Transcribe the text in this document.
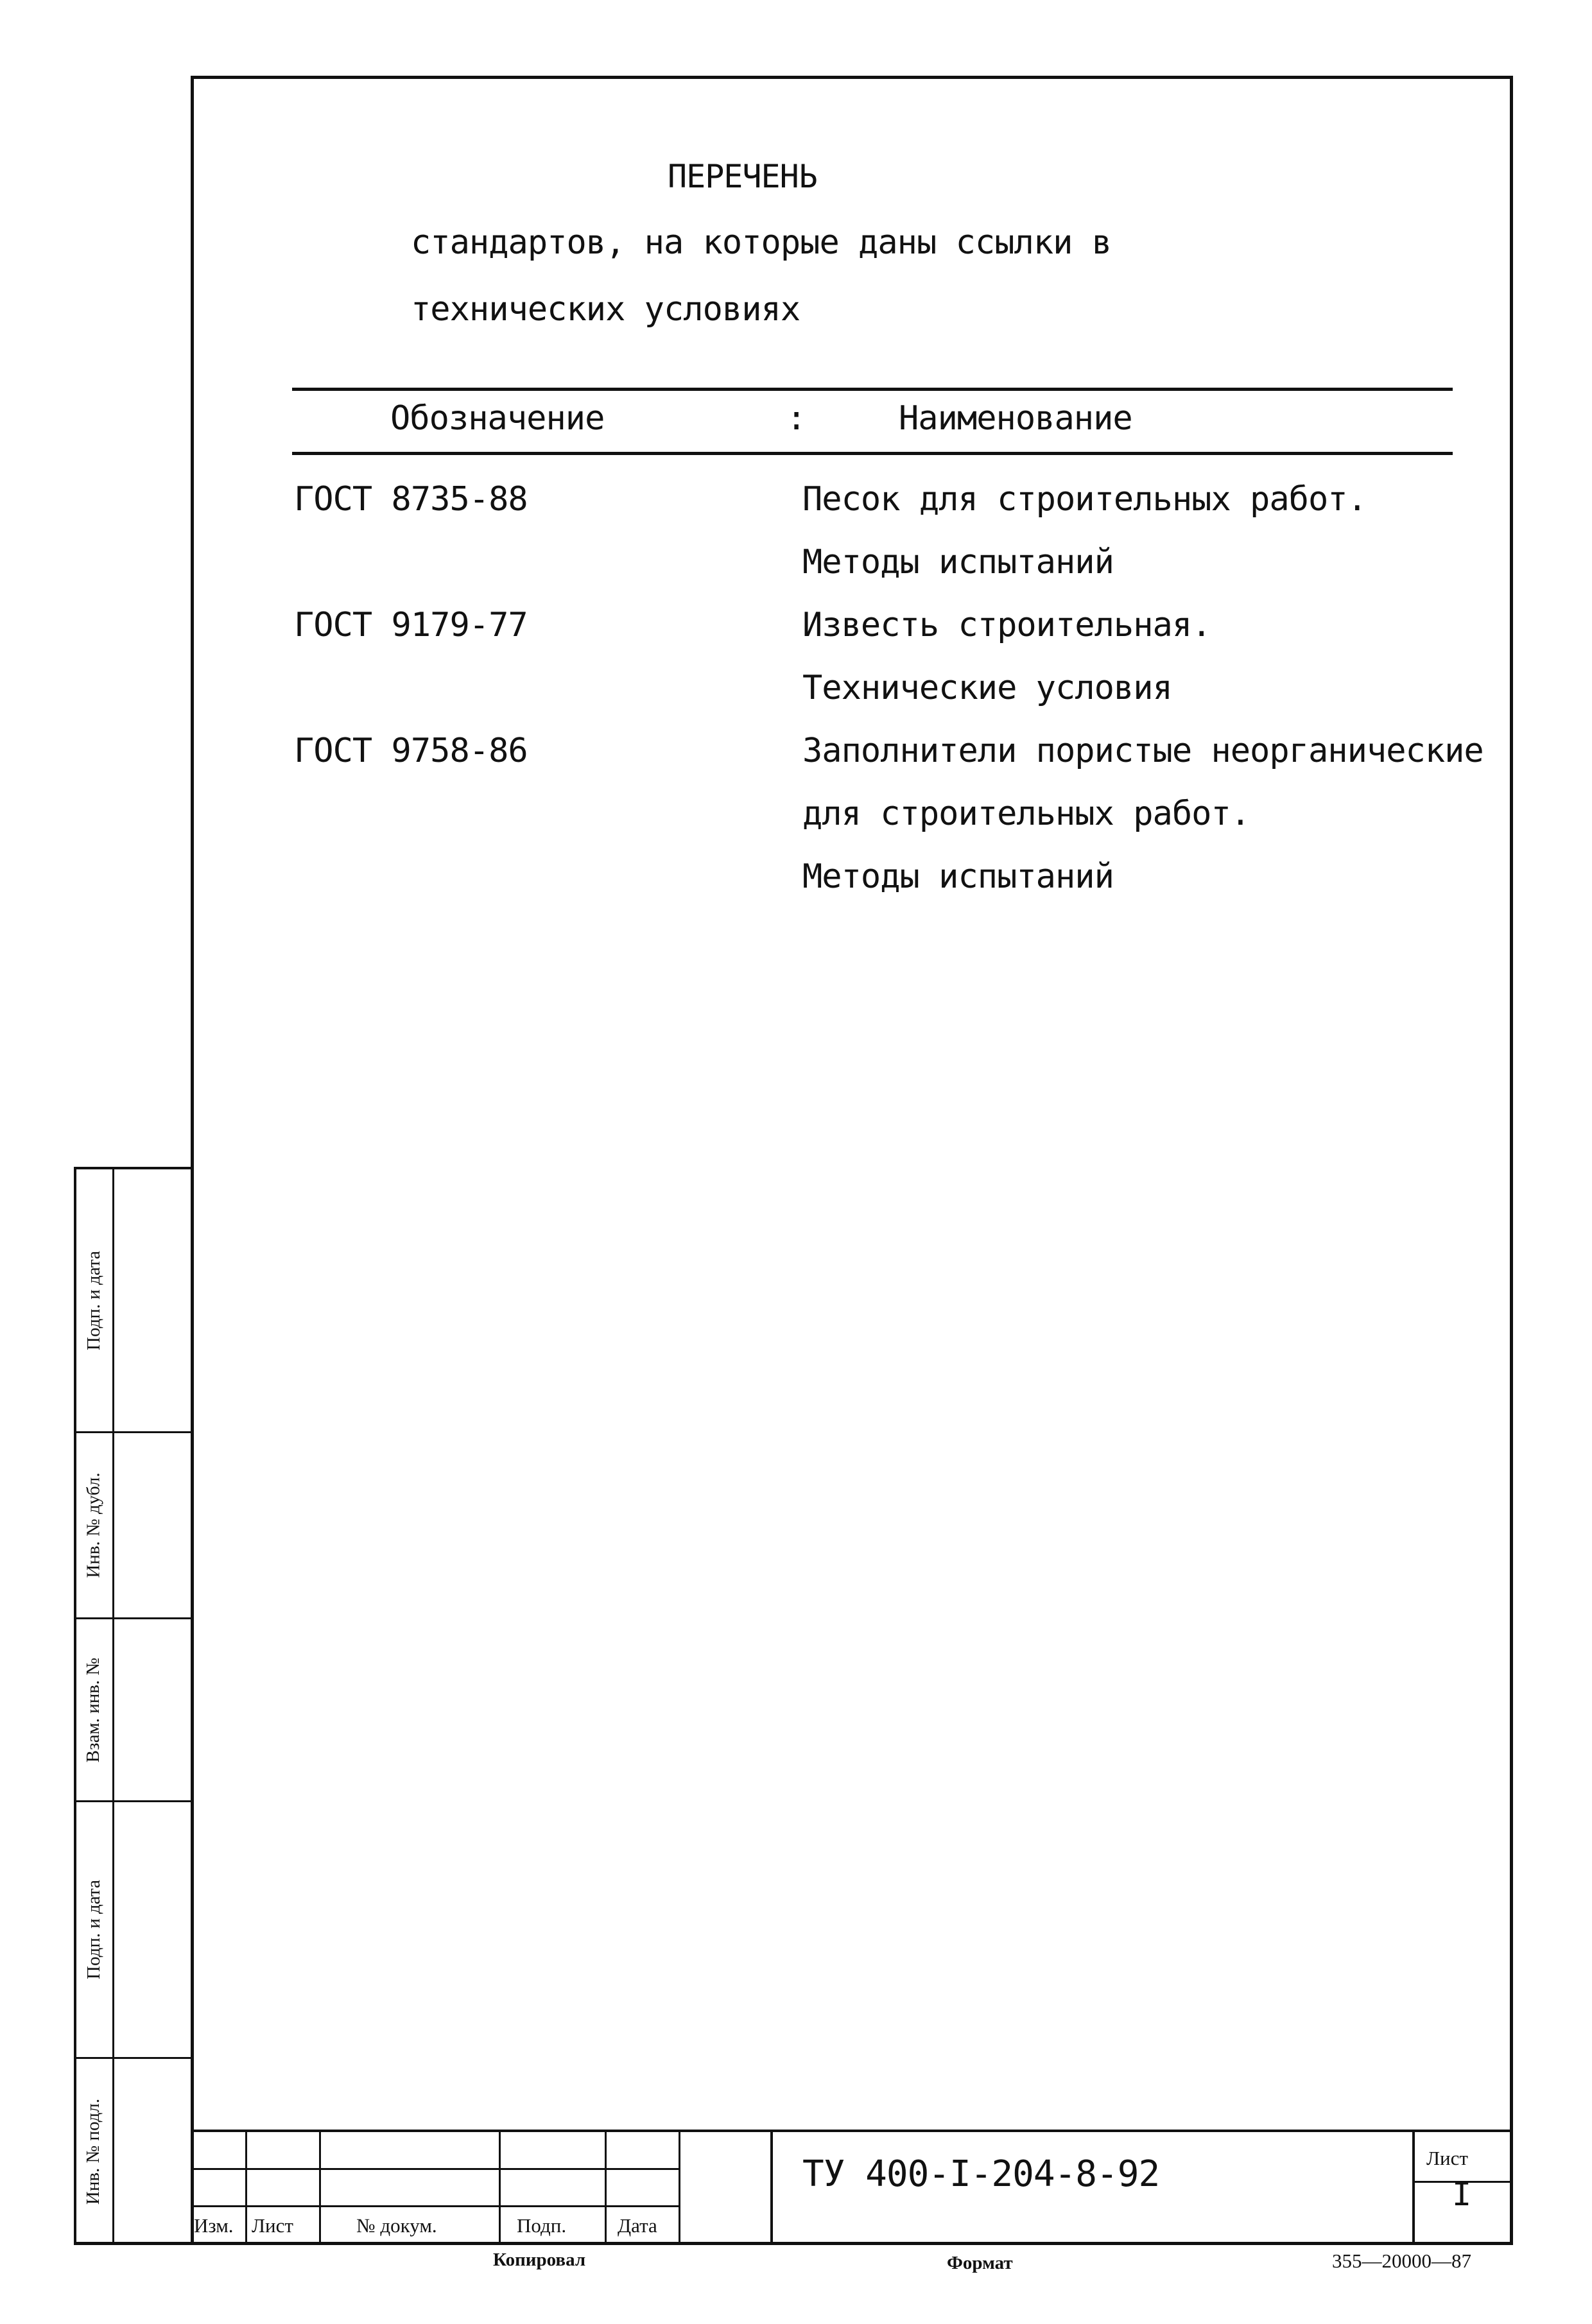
ПЕРЕЧЕНЬ
стандартов, на которые даны ссылки в
технических условиях
Обозначение	:	Наименование
ГОСТ 8735-88	Песок для строительных работ.
Методы испытаний
ГОСТ 9179-77	Известь строительная.
Технические условия
ГОСТ 9758-86	Заполнители пористые неорганические
для строительных работ.
Методы испытаний
Подп. и дата
Инв. № дубл.
Взам. инв. №
Подп. и дата
Инв. № подл.
Изм. Лист	№ докум.	Подп.	Дата
ТУ 400-I-204-8-92	Лист
I
Копировал	Формат	355—20000—87
